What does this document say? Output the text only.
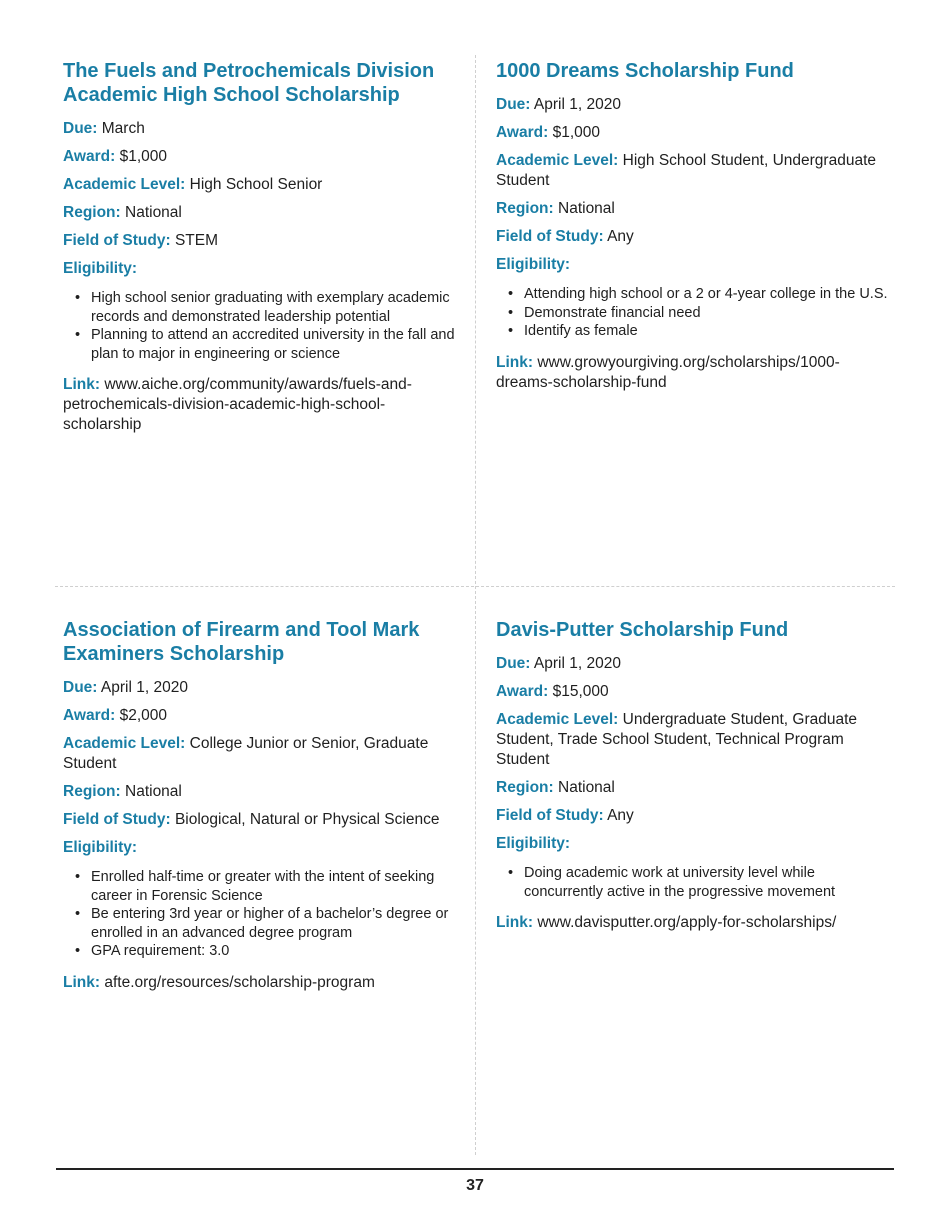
The Fuels and Petrochemicals Division
Academic High School Scholarship

Due: March

Award: $1,000

Academic Level: High School Senior

Region: National

Field of Study: STEM

Eligibility:

• High school senior graduating with exemplary academic records and demonstrated leadership potential
• Planning to attend an accredited university in the fall and plan to major in engineering or science

Link: www.aiche.org/community/awards/fuels-and-petrochemicals-division-academic-high-school-scholarship

1000 Dreams Scholarship Fund

Due: April 1, 2020

Award: $1,000

Academic Level: High School Student, Undergraduate Student

Region: National

Field of Study: Any

Eligibility:

• Attending high school or a 2 or 4-year college in the U.S.
• Demonstrate financial need
• Identify as female

Link: www.growyourgiving.org/scholarships/1000-dreams-scholarship-fund

Association of Firearm and Tool Mark
Examiners Scholarship

Due: April 1, 2020

Award: $2,000

Academic Level: College Junior or Senior, Graduate Student

Region: National

Field of Study: Biological, Natural or Physical Science

Eligibility:

• Enrolled half-time or greater with the intent of seeking career in Forensic Science
• Be entering 3rd year or higher of a bachelor’s degree or enrolled in an advanced degree program
• GPA requirement: 3.0

Link: afte.org/resources/scholarship-program

Davis-Putter Scholarship Fund

Due: April 1, 2020

Award: $15,000

Academic Level: Undergraduate Student, Graduate Student, Trade School Student, Technical Program Student

Region: National

Field of Study: Any

Eligibility:

• Doing academic work at university level while concurrently active in the progressive movement

Link: www.davisputter.org/apply-for-scholarships/

37
